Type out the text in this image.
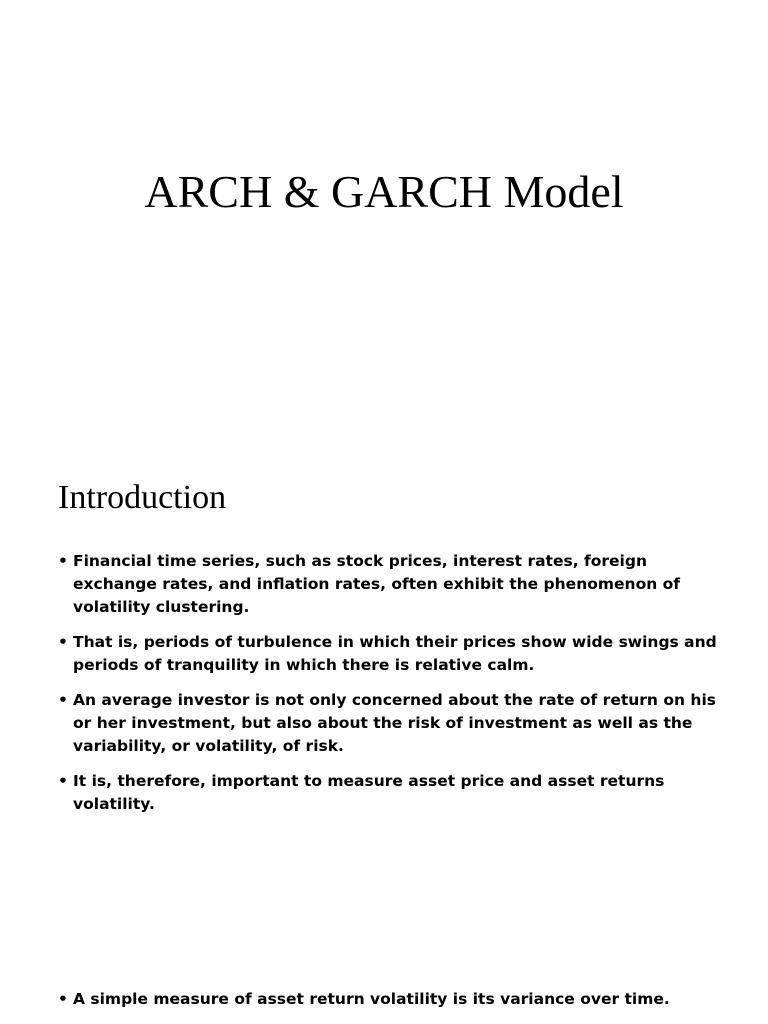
ARCH & GARCH Model
Introduction
• Financial time series, such as stock prices, interest rates, foreign exchange rates, and inflation rates, often exhibit the phenomenon of volatility clustering.
• That is, periods of turbulence in which their prices show wide swings and periods of tranquility in which there is relative calm.
• An average investor is not only concerned about the rate of return on his or her investment, but also about the risk of investment as well as the variability, or volatility, of risk.
• It is, therefore, important to measure asset price and asset returns volatility.
• A simple measure of asset return volatility is its variance over time.
